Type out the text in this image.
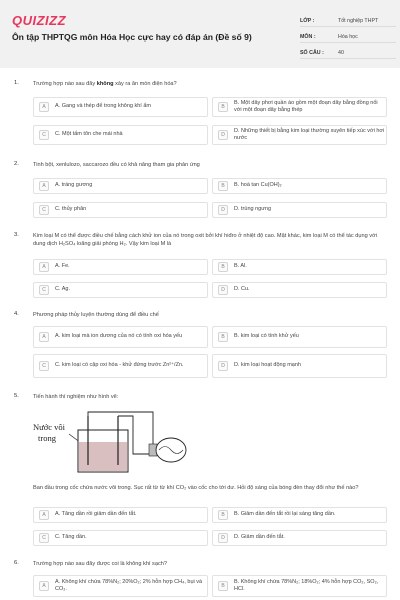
QUIZIZZ
Ôn tập THPTQG môn Hóa Học cực hay có đáp án (Đề số 9)
LỚP :	Tốt nghiệp THPT
MÔN :	Hóa học
SỐ CÂU :	40
1.	Trường hợp nào sau đây không xảy ra ăn mòn điện hóa?
A	A. Gang và thép để trong không khí ẩm	B
B. Một dây phơi quần áo gồm một đoạn dây bằng đồng nối với một đoạn dây bằng thép
C	C. Một tấm tôn che mái nhà	D
D. Những thiết bị bằng kim loại thường xuyên tiếp xúc với hơi nước
2.	Tinh bột, xenlulozo, saccarozo đều có khả năng tham gia phản ứng
A	A. tráng gương	B	B. hoà tan Cu(OH)₂
C	C. thủy phân	D	D. trùng ngưng
3.	Kim loại M có thể được điều chế bằng cách khử ion của nó trong oxit bởi khí hiđro ở nhiệt độ cao. Mặt khác, kim loại M có thể tác dụng với dung dịch H₂SO₄ loãng giải phóng H₂. Vậy kim loại M là
A	A. Fe.	B	B. Al.
C	C. Ag.	D	D. Cu.
4.	Phương pháp thủy luyện thường dùng để điều chế
A	A. kim loại mà ion dương của nó có tính oxi hóa yếu	B	B. kim loại có tính khử yếu
C	C. kim loại có cặp oxi hóa - khử đứng trước Zn²⁺/Zn.	D	D. kim loại hoạt động mạnh
5.	Tiến hành thí nghiệm như hình vẽ:
Nước vôi
trong
Ban đầu trong cốc chứa nước vôi trong. Sục rất từ từ khí CO₂ vào cốc cho tới dư. Hỏi độ sáng của bóng đèn thay đổi như thế nào?
A	A. Tăng dần rồi giảm dần đến tắt.	B	B. Giảm dần đến tắt rồi lại sáng tăng dần.
C	C. Tăng dần.	D	D. Giảm dần đến tắt.
6.	Trường hợp nào sau đây được coi là không khí sạch?
A
A. Không khí chứa 78%N₂; 20%O₂; 2% hỗn hợp CH₄, bụi và CO₂.	B
B. Không khí chứa 78%N₂; 18%O₂; 4% hỗn hợp CO₂, SO₂, HCl.
